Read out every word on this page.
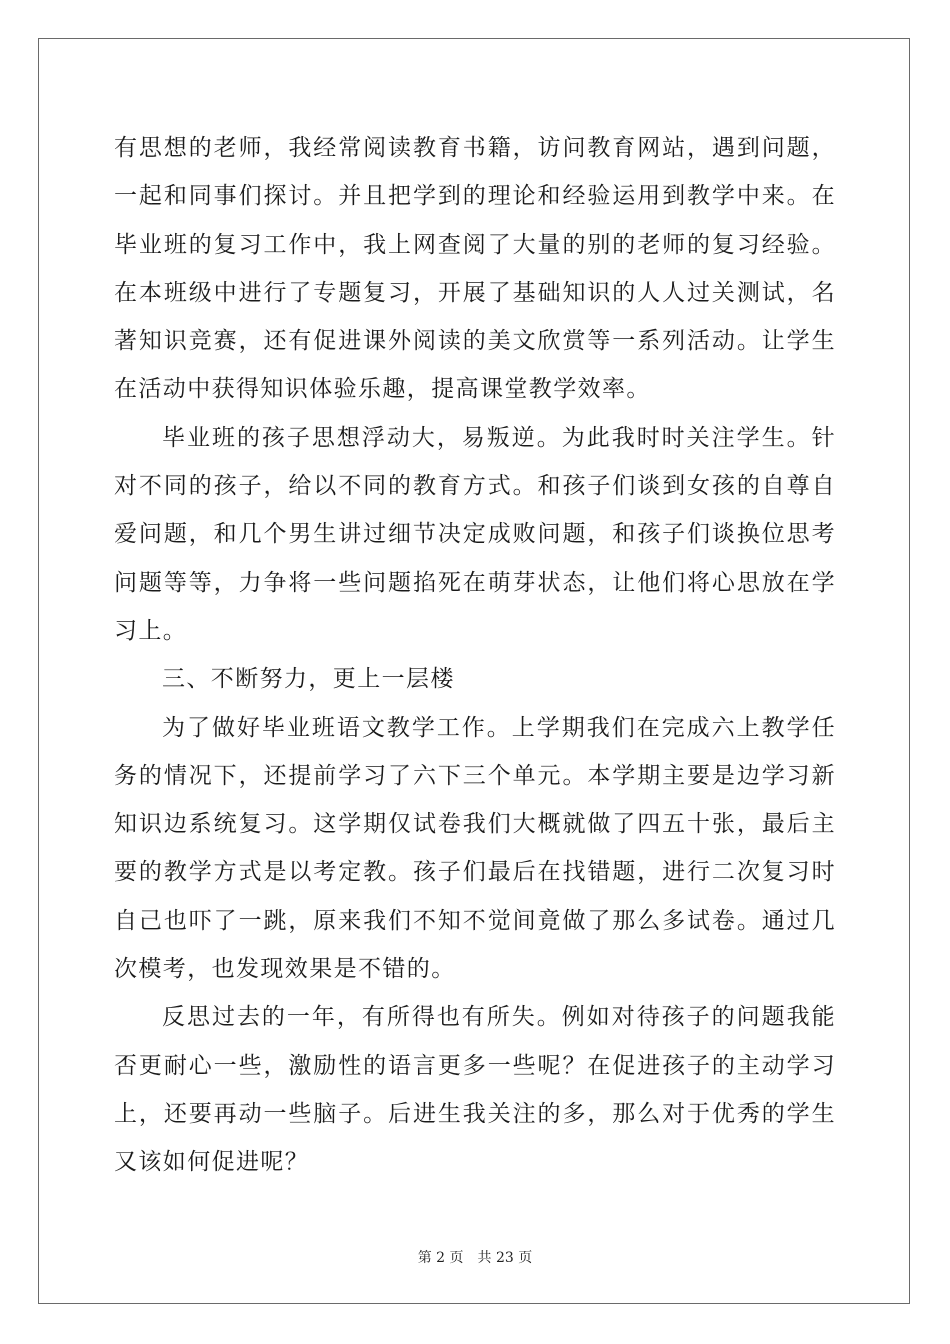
有思想的老师，我经常阅读教育书籍，访问教育网站，遇到问题，一起和同事们探讨。并且把学到的理论和经验运用到教学中来。在毕业班的复习工作中，我上网查阅了大量的别的老师的复习经验。在本班级中进行了专题复习，开展了基础知识的人人过关测试，名著知识竞赛，还有促进课外阅读的美文欣赏等一系列活动。让学生在活动中获得知识体验乐趣，提高课堂教学效率。

毕业班的孩子思想浮动大，易叛逆。为此我时时关注学生。针对不同的孩子，给以不同的教育方式。和孩子们谈到女孩的自尊自爱问题，和几个男生讲过细节决定成败问题，和孩子们谈换位思考问题等等，力争将一些问题掐死在萌芽状态，让他们将心思放在学习上。

三、不断努力，更上一层楼

为了做好毕业班语文教学工作。上学期我们在完成六上教学任务的情况下，还提前学习了六下三个单元。本学期主要是边学习新知识边系统复习。这学期仅试卷我们大概就做了四五十张，最后主要的教学方式是以考定教。孩子们最后在找错题，进行二次复习时自己也吓了一跳，原来我们不知不觉间竟做了那么多试卷。通过几次模考，也发现效果是不错的。

反思过去的一年，有所得也有所失。例如对待孩子的问题我能否更耐心一些，激励性的语言更多一些呢？在促进孩子的主动学习上，还要再动一些脑子。后进生我关注的多，那么对于优秀的学生又该如何促进呢？

第 2 页 共 23 页
